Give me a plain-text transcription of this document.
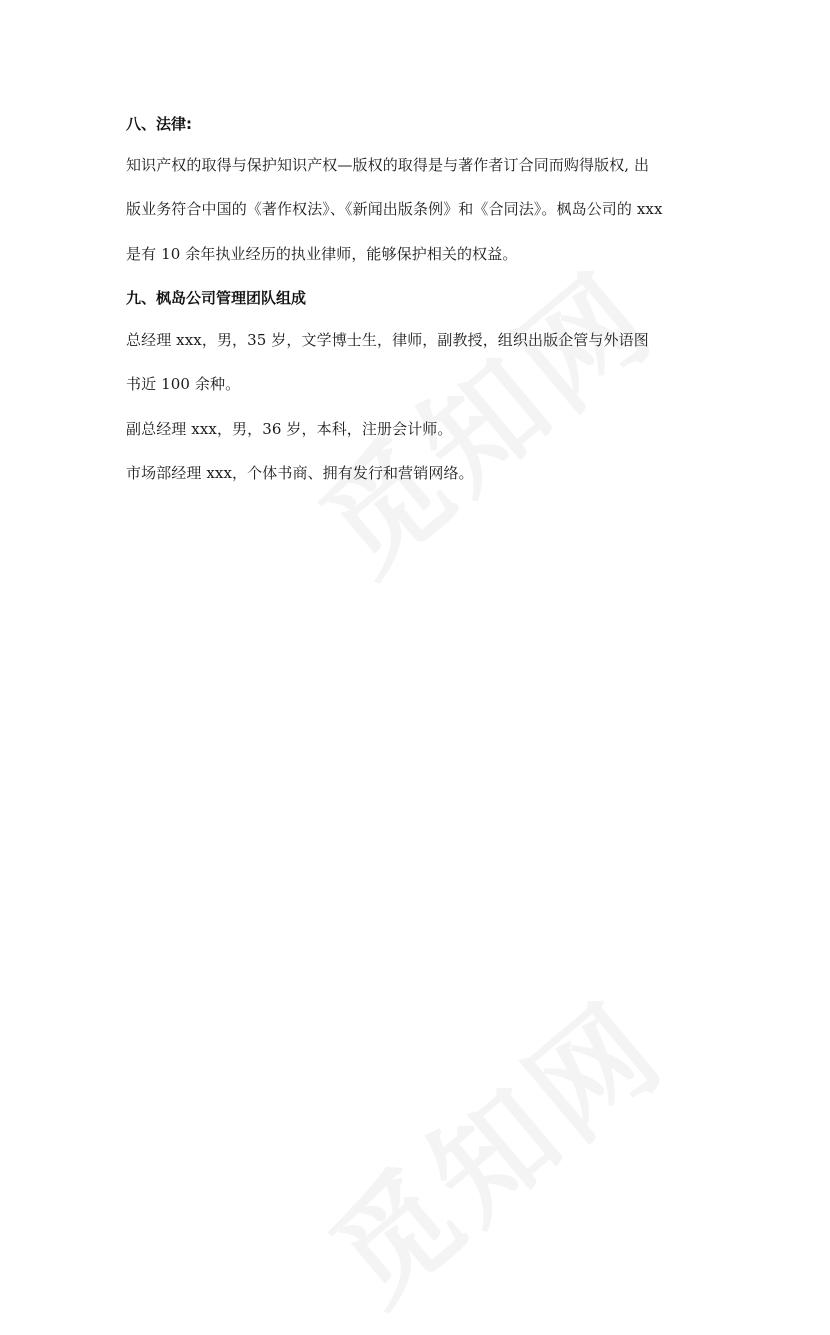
八、法律:
知识产权的取得与保护知识产权—版权的取得是与著作者订合同而购得版权, 出
版业务符合中国的《著作权法》、《新闻出版条例》和《合同法》。枫岛公司的 xxx
是有 10 余年执业经历的执业律师，能够保护相关的权益。
九、枫岛公司管理团队组成
总经理 xxx，男，35 岁，文学博士生，律师，副教授，组织出版企管与外语图
书近 100 余种。
副总经理 xxx，男，36 岁，本科，注册会计师。
市场部经理 xxx，个体书商、拥有发行和营销网络。
